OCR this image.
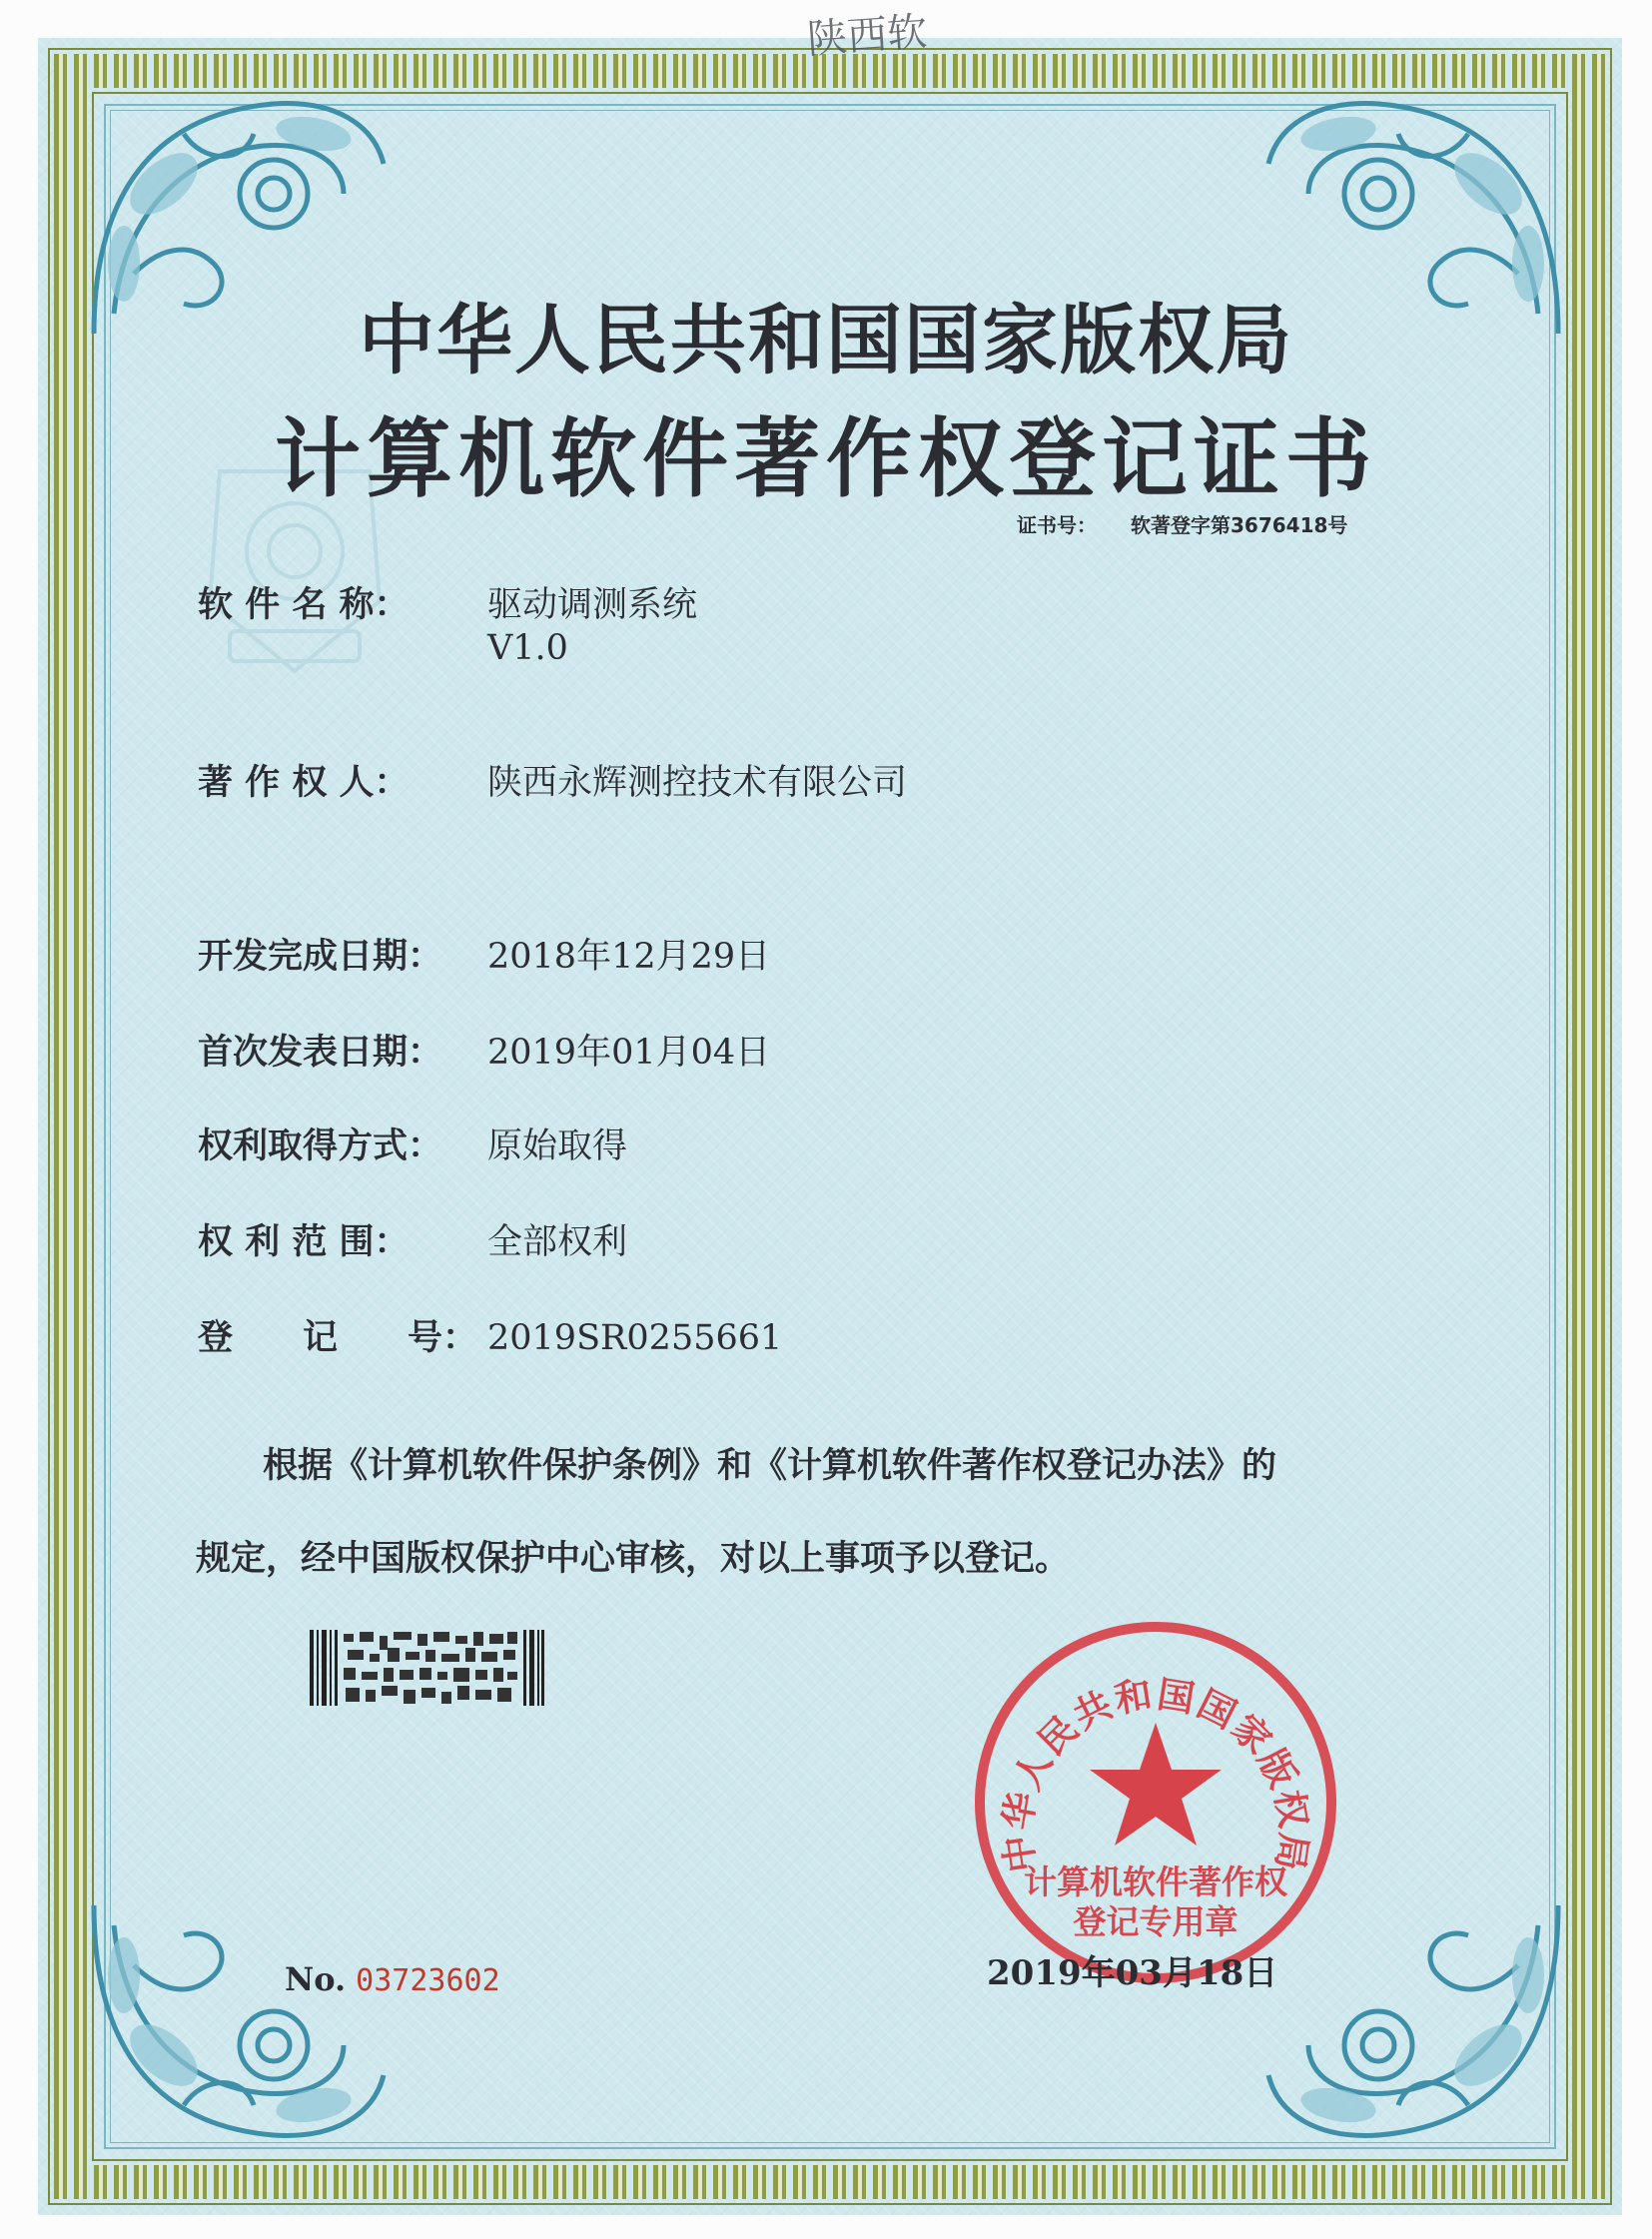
陕西软
中华人民共和国国家版权局
计算机软件著作权登记证书
证书号： 软著登字第3676418号
软 件 名 称： 驱动调测系统
V1.0
著 作 权 人： 陕西永辉测控技术有限公司
开发完成日期： 2018年12月29日
首次发表日期： 2019年01月04日
权利取得方式： 原始取得
权 利 范 围： 全部权利
登　　记　　号： 2019SR0255661
根据《计算机软件保护条例》和《计算机软件著作权登记办法》的
规定，经中国版权保护中心审核，对以上事项予以登记。
中华人民共和国国家版权局
计算机软件著作权
登记专用章
2019年03月18日
No. 03723602
